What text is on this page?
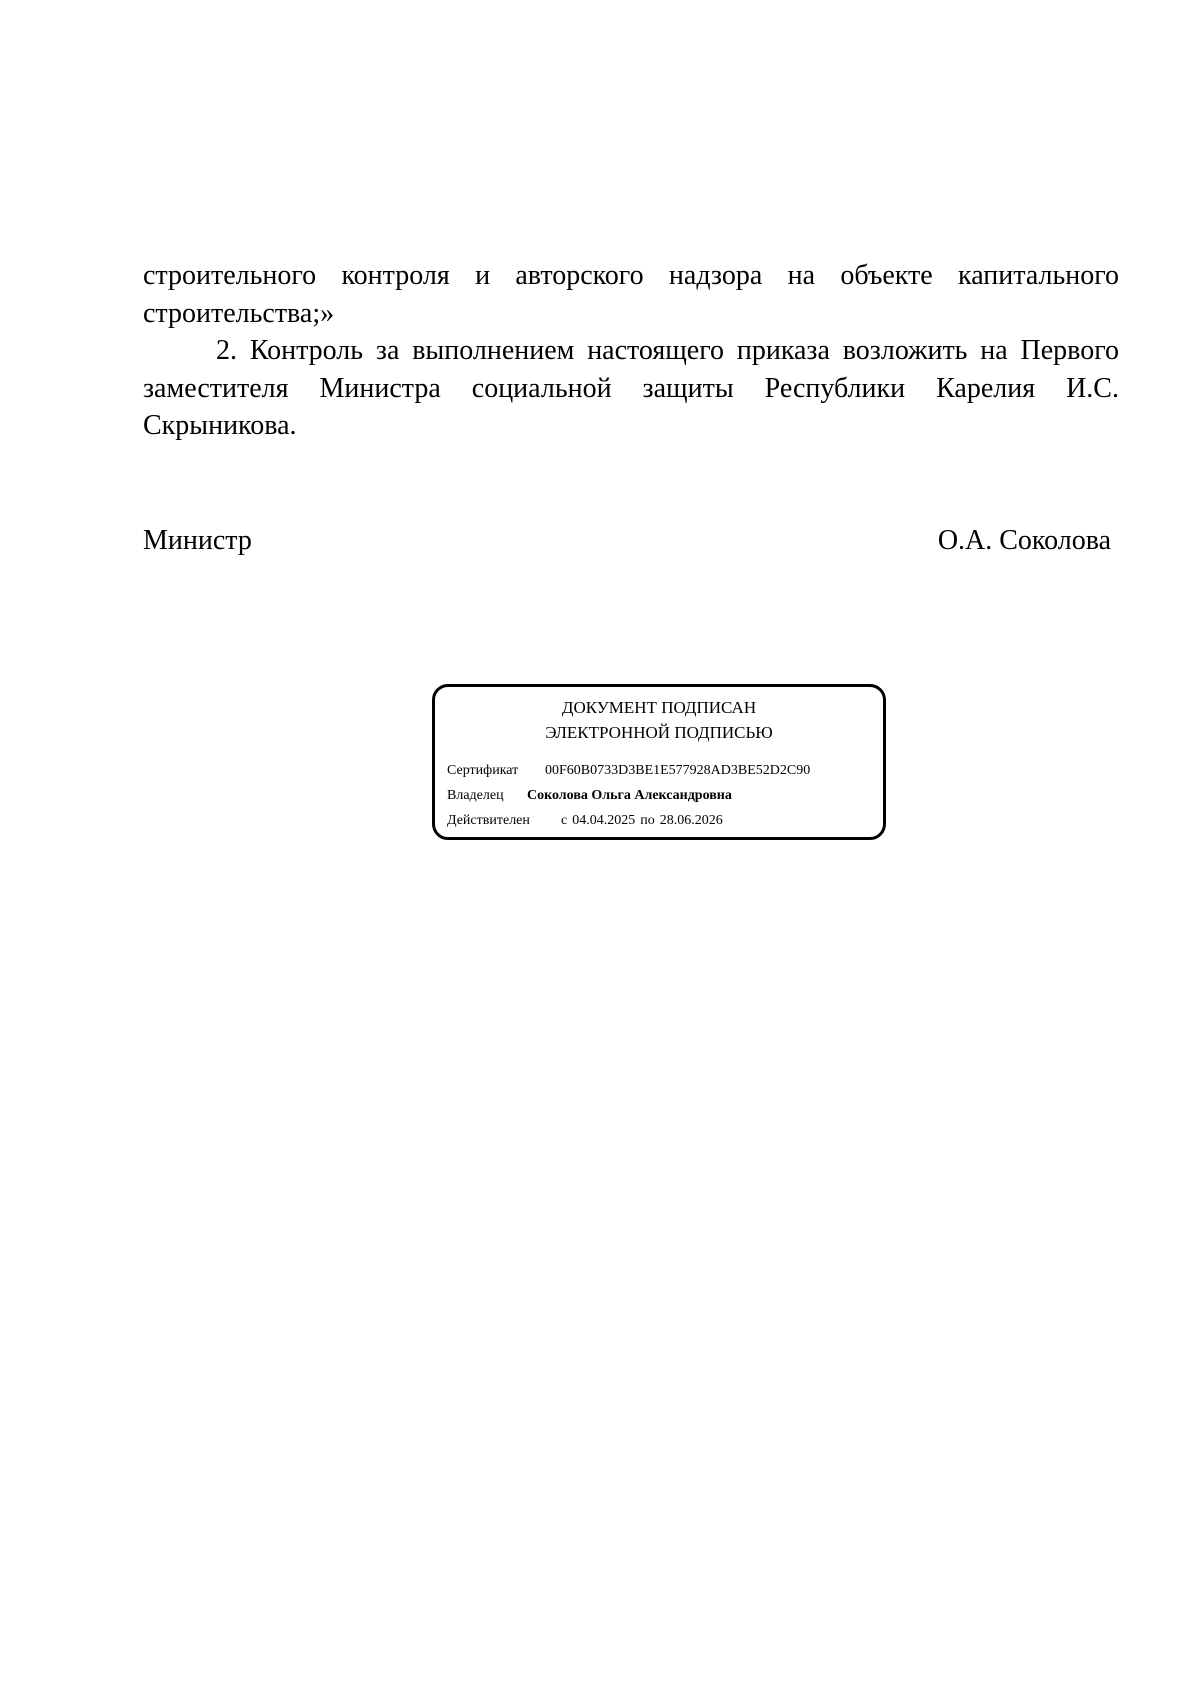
строительного контроля и авторского надзора на объекте капитального строительства;»

2. Контроль за выполнением настоящего приказа возложить на Первого заместителя Министра социальной защиты Республики Карелия И.С. Скрыникова.

Министр	О.А. Соколова
ДОКУМЕНТ ПОДПИСАН
ЭЛЕКТРОННОЙ ПОДПИСЬЮ
Сертификат 00F60B0733D3BE1E577928AD3BE52D2C90
Владелец Соколова Ольга Александровна
Действителен с 04.04.2025 по 28.06.2026
